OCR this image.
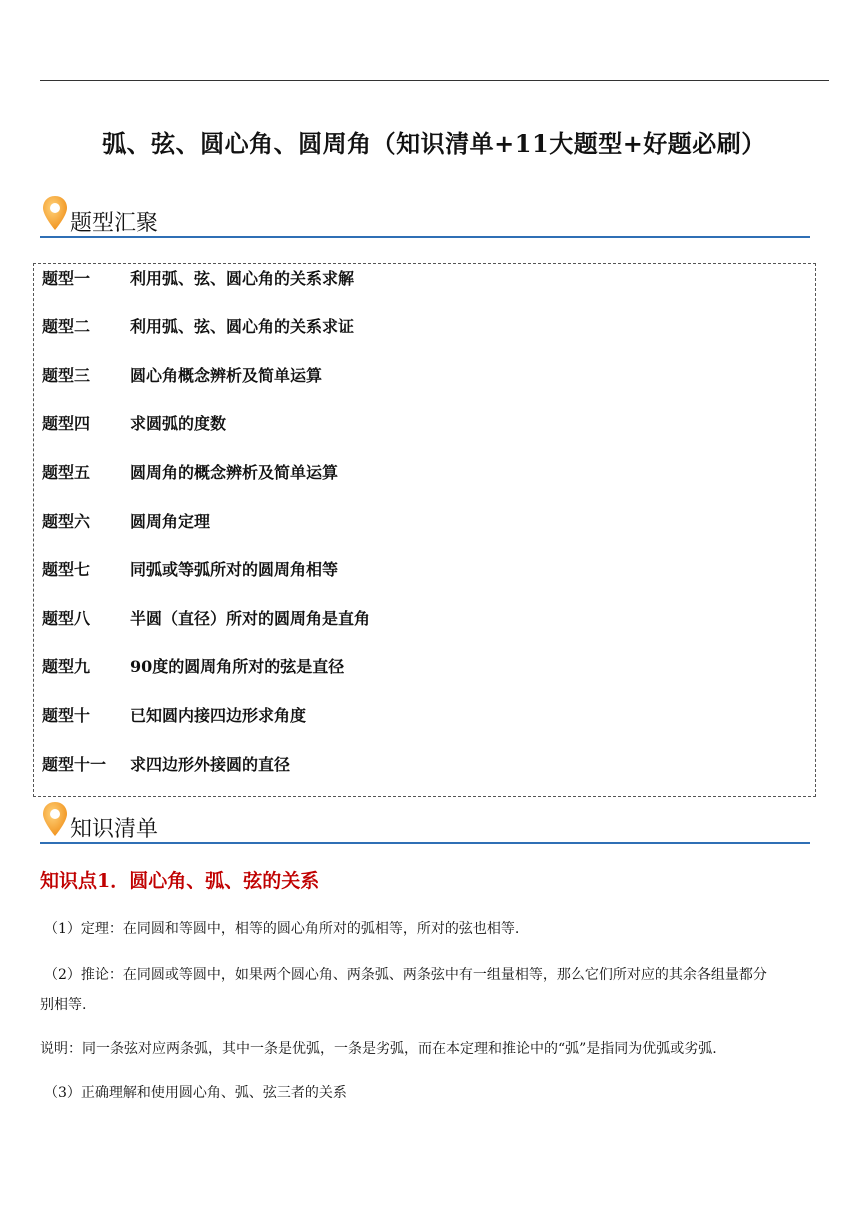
弧、弦、圆心角、圆周角（知识清单+11大题型+好题必刷）
题型汇聚
题型一 利用弧、弦、圆心角的关系求解
题型二 利用弧、弦、圆心角的关系求证
题型三 圆心角概念辨析及简单运算
题型四 求圆弧的度数
题型五 圆周角的概念辨析及简单运算
题型六 圆周角定理
题型七 同弧或等弧所对的圆周角相等
题型八 半圆（直径）所对的圆周角是直角
题型九 90度的圆周角所对的弦是直径
题型十 已知圆内接四边形求角度
题型十一 求四边形外接圆的直径
知识清单
知识点1．圆心角、弧、弦的关系
（1）定理：在同圆和等圆中，相等的圆心角所对的弧相等，所对的弦也相等.
（2）推论：在同圆或等圆中，如果两个圆心角、两条弧、两条弦中有一组量相等，那么它们所对应的其余各组量都分
别相等.
说明：同一条弦对应两条弧，其中一条是优弧，一条是劣弧，而在本定理和推论中的“弧”是指同为优弧或劣弧.
（3）正确理解和使用圆心角、弧、弦三者的关系
